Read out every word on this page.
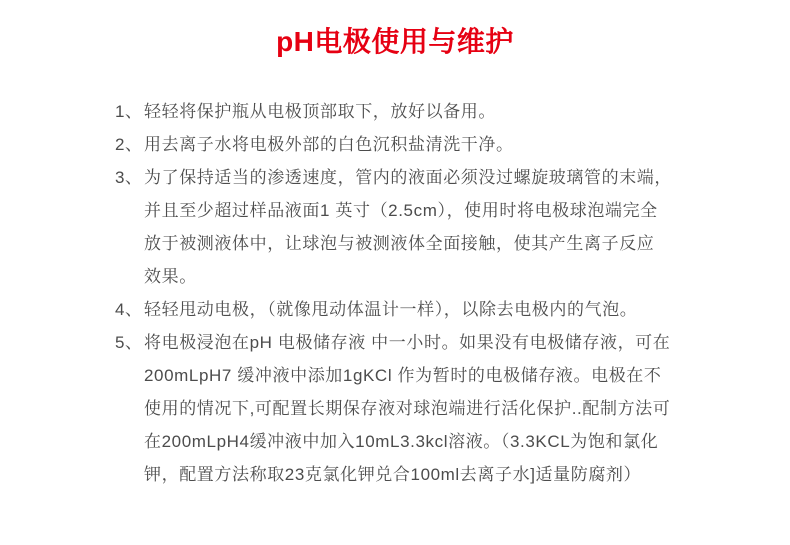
pH电极使用与维护
1、 轻轻将保护瓶从电极顶部取下，放好以备用。
2、 用去离子水将电极外部的白色沉积盐清洗干净。
3、 为了保持适当的渗透速度，管内的液面必须没过螺旋玻璃管的末端，
并且至少超过样品液面1 英寸（2.5cm），使用时将电极球泡端完全
放于被测液体中，让球泡与被测液体全面接触，使其产生离子反应
效果。
4、 轻轻甩动电极，（就像甩动体温计一样），以除去电极内的气泡。
5、 将电极浸泡在pH 电极储存液 中一小时。如果没有电极储存液，可在
200mLpH7 缓冲液中添加1gKCl 作为暂时的电极储存液。电极在不
使用的情况下,可配置长期保存液对球泡端进行活化保护..配制方法可
在200mLpH4缓冲液中加入10mL3.3kcl溶液。（3.3KCL为饱和氯化
钾，配置方法称取23克氯化钾兑合100ml去离子水]适量防腐剂）
